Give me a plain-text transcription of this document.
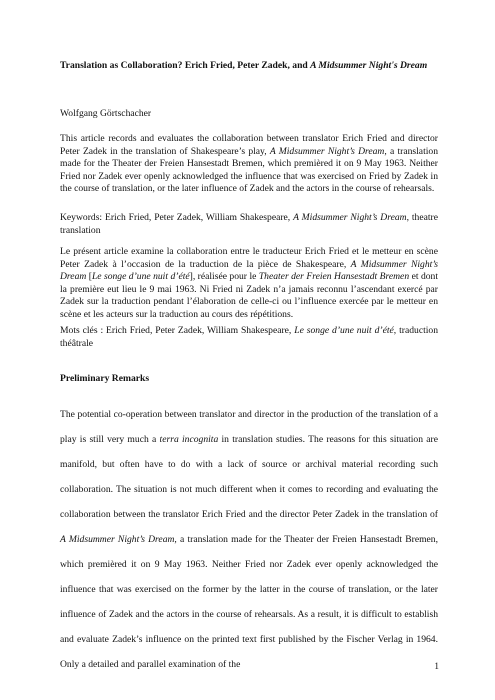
Translation as Collaboration? Erich Fried, Peter Zadek, and A Midsummer Night's Dream

Wolfgang Görtschacher

This article records and evaluates the collaboration between translator Erich Fried and director Peter Zadek in the translation of Shakespeare’s play, A Midsummer Night’s Dream, a translation made for the Theater der Freien Hansestadt Bremen, which premièred it on 9 May 1963. Neither Fried nor Zadek ever openly acknowledged the influence that was exercised on Fried by Zadek in the course of translation, or the later influence of Zadek and the actors in the course of rehearsals.

Keywords: Erich Fried, Peter Zadek, William Shakespeare, A Midsummer Night’s Dream, theatre translation

Le présent article examine la collaboration entre le traducteur Erich Fried et le metteur en scène Peter Zadek à l’occasion de la traduction de la pièce de Shakespeare, A Midsummer Night’s Dream [Le songe d’une nuit d’été], réalisée pour le Theater der Freien Hansestadt Bremen et dont la première eut lieu le 9 mai 1963. Ni Fried ni Zadek n’a jamais reconnu l’ascendant exercé par Zadek sur la traduction pendant l’élaboration de celle-ci ou l’influence exercée par le metteur en scène et les acteurs sur la traduction au cours des répétitions.

Mots clés : Erich Fried, Peter Zadek, William Shakespeare, Le songe d’une nuit d’été, traduction théâtrale

Preliminary Remarks

The potential co-operation between translator and director in the production of the translation of a play is still very much a terra incognita in translation studies. The reasons for this situation are manifold, but often have to do with a lack of source or archival material recording such collaboration. The situation is not much different when it comes to recording and evaluating the collaboration between the translator Erich Fried and the director Peter Zadek in the translation of A Midsummer Night’s Dream, a translation made for the Theater der Freien Hansestadt Bremen, which premièred it on 9 May 1963. Neither Fried nor Zadek ever openly acknowledged the influence that was exercised on the former by the latter in the course of translation, or the later influence of Zadek and the actors in the course of rehearsals. As a result, it is difficult to establish and evaluate Zadek’s influence on the printed text first published by the Fischer Verlag in 1964. Only a detailed and parallel examination of the	1
